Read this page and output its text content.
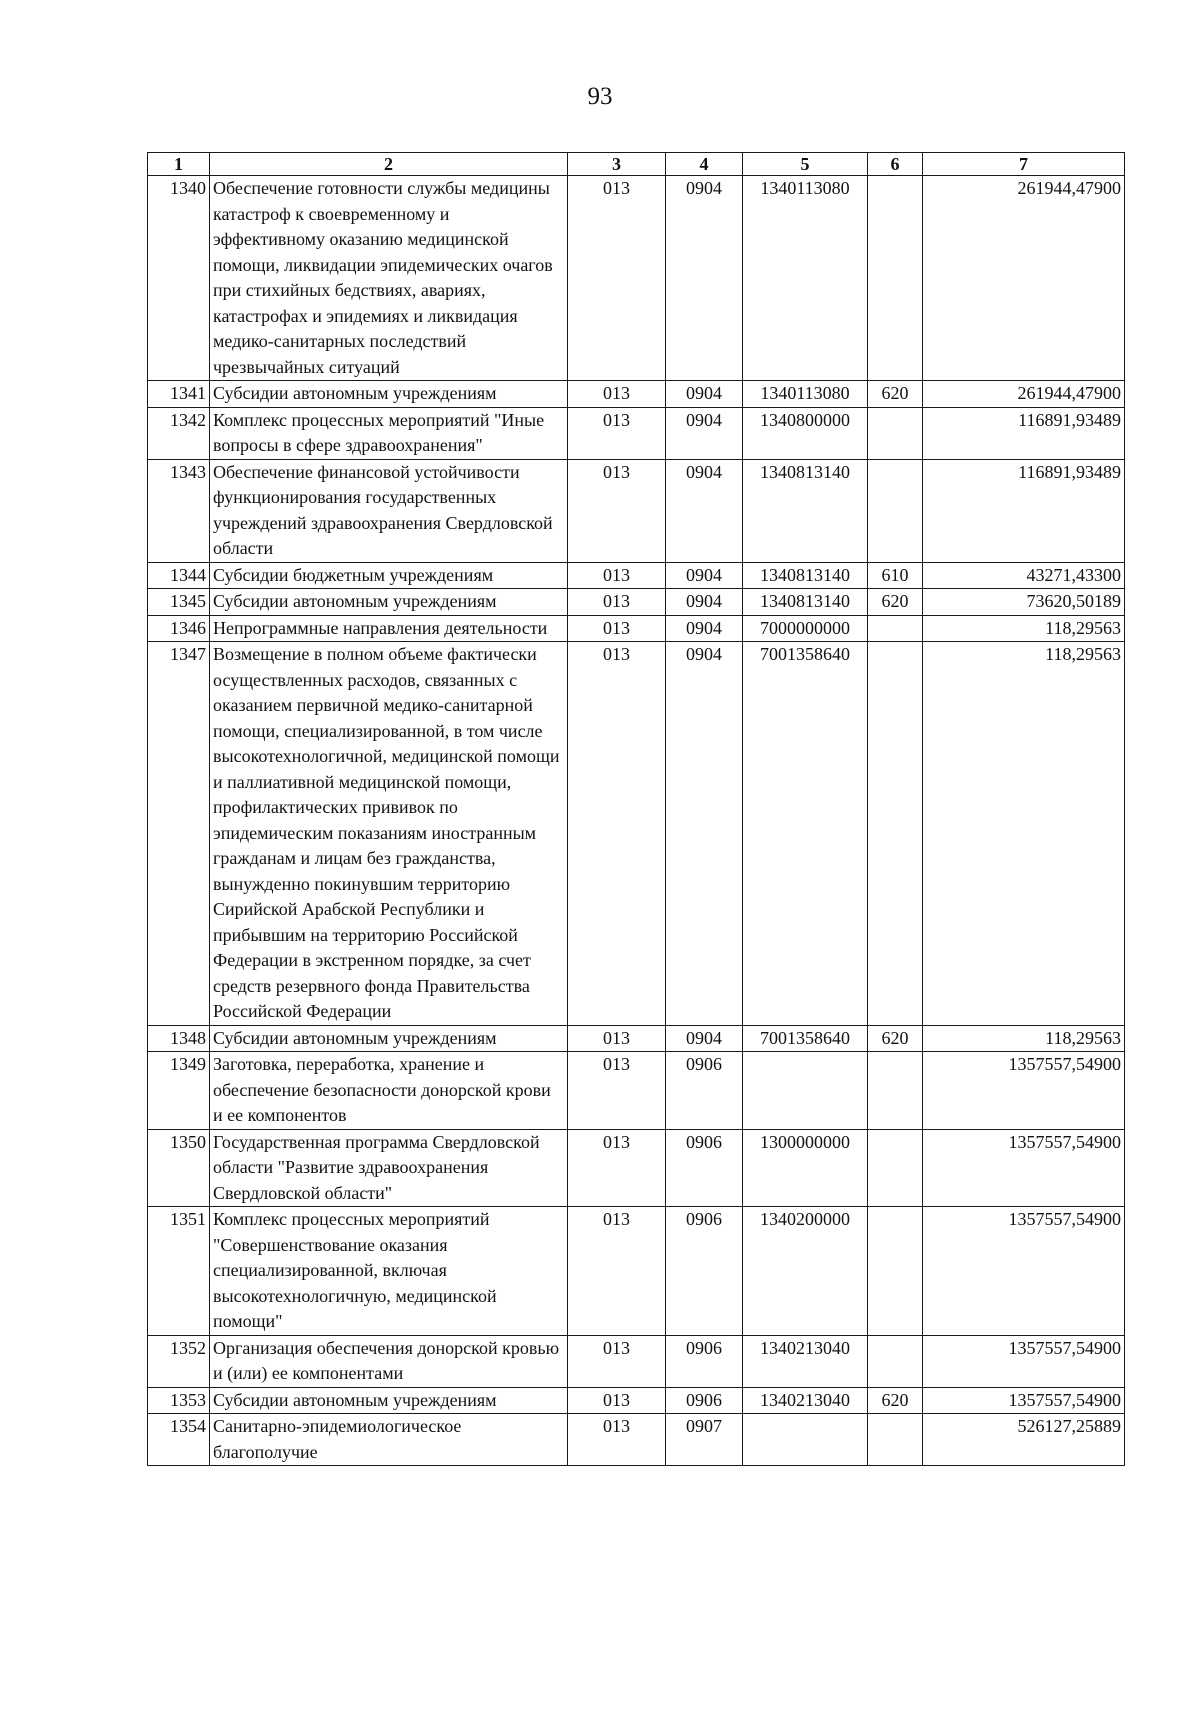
93
1	2	3	4	5	6	7
1340	Обеспечение готовности службы медицины катастроф к своевременному и эффективному оказанию медицинской помощи, ликвидации эпидемических очагов при стихийных бедствиях, авариях, катастрофах и эпидемиях и ликвидация медико-санитарных последствий чрезвычайных ситуаций	013	0904	1340113080		261944,47900
1341	Субсидии автономным учреждениям	013	0904	1340113080	620	261944,47900
1342	Комплекс процессных мероприятий "Иные вопросы в сфере здравоохранения"	013	0904	1340800000		116891,93489
1343	Обеспечение финансовой устойчивости функционирования государственных учреждений здравоохранения Свердловской области	013	0904	1340813140		116891,93489
1344	Субсидии бюджетным учреждениям	013	0904	1340813140	610	43271,43300
1345	Субсидии автономным учреждениям	013	0904	1340813140	620	73620,50189
1346	Непрограммные направления деятельности	013	0904	7000000000		118,29563
1347	Возмещение в полном объеме фактически осуществленных расходов, связанных с оказанием первичной медико-санитарной помощи, специализированной, в том числе высокотехнологичной, медицинской помощи и паллиативной медицинской помощи, профилактических прививок по эпидемическим показаниям иностранным гражданам и лицам без гражданства, вынужденно покинувшим территорию Сирийской Арабской Республики и прибывшим на территорию Российской Федерации в экстренном порядке, за счет средств резервного фонда Правительства Российской Федерации	013	0904	7001358640		118,29563
1348	Субсидии автономным учреждениям	013	0904	7001358640	620	118,29563
1349	Заготовка, переработка, хранение и обеспечение безопасности донорской крови и ее компонентов	013	0906			1357557,54900
1350	Государственная программа Свердловской области "Развитие здравоохранения Свердловской области"	013	0906	1300000000		1357557,54900
1351	Комплекс процессных мероприятий "Совершенствование оказания специализированной, включая высокотехнологичную, медицинской помощи"	013	0906	1340200000		1357557,54900
1352	Организация обеспечения донорской кровью и (или) ее компонентами	013	0906	1340213040		1357557,54900
1353	Субсидии автономным учреждениям	013	0906	1340213040	620	1357557,54900
1354	Санитарно-эпидемиологическое благополучие	013	0907			526127,25889
